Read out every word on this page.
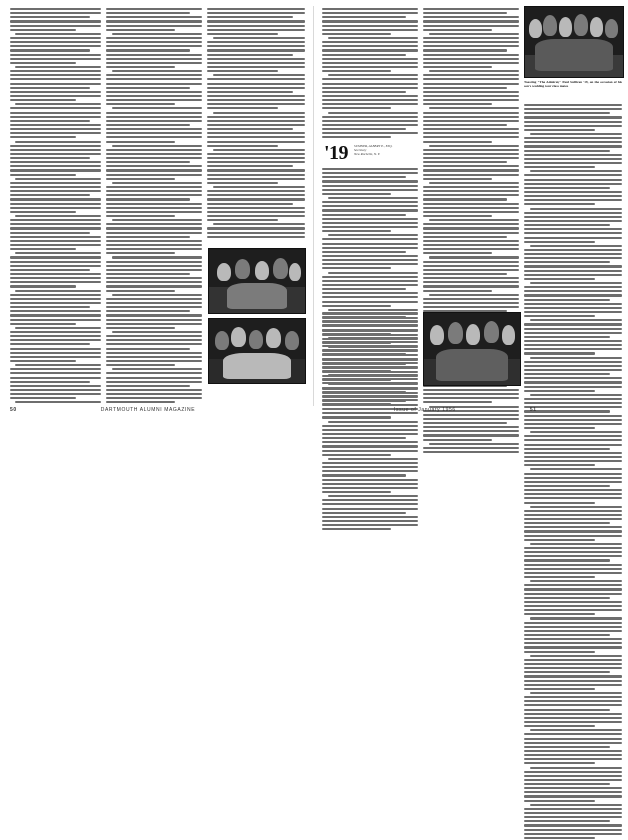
50	DARTMOUTH ALUMNI MAGAZINE
'19 SUMNER, ALBERT E., ESQ.
Secretary
New Rochelle, N. Y.
Toasting "The Admiral," Paul Sullivan '19, on the occasion of his son's wedding tour class mates
Issue of January 1956	51
